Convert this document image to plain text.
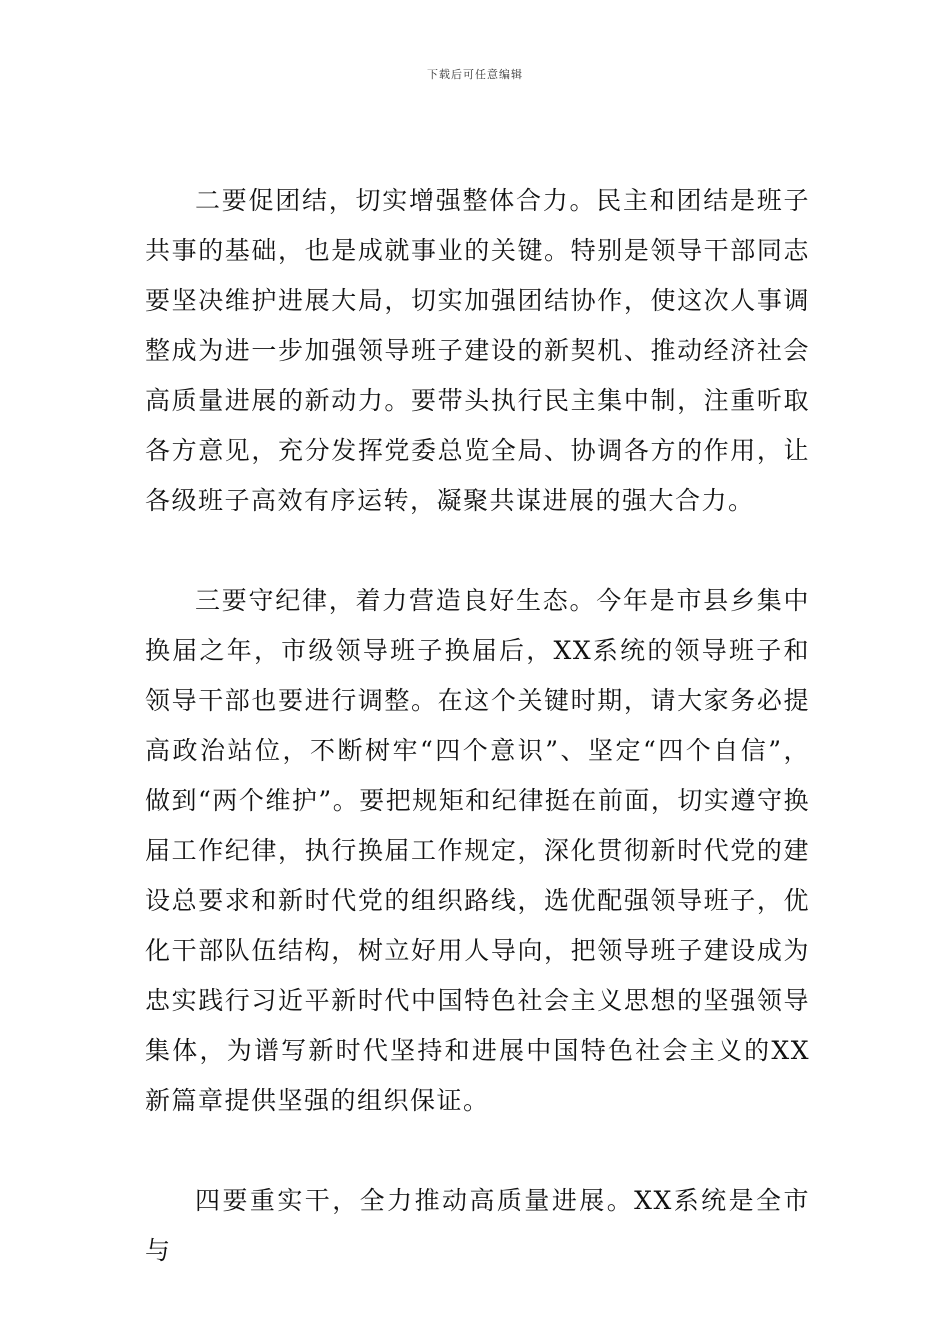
下载后可任意编辑

二要促团结，切实增强整体合力。民主和团结是班子共事的基础，也是成就事业的关键。特别是领导干部同志要坚决维护进展大局，切实加强团结协作，使这次人事调整成为进一步加强领导班子建设的新契机、推动经济社会高质量进展的新动力。要带头执行民主集中制，注重听取各方意见，充分发挥党委总览全局、协调各方的作用，让各级班子高效有序运转，凝聚共谋进展的强大合力。

三要守纪律，着力营造良好生态。今年是市县乡集中换届之年，市级领导班子换届后，XX系统的领导班子和领导干部也要进行调整。在这个关键时期，请大家务必提高政治站位，不断树牢“四个意识”、坚定“四个自信”，做到“两个维护”。要把规矩和纪律挺在前面，切实遵守换届工作纪律，执行换届工作规定，深化贯彻新时代党的建设总要求和新时代党的组织路线，选优配强领导班子，优化干部队伍结构，树立好用人导向，把领导班子建设成为忠实践行习近平新时代中国特色社会主义思想的坚强领导集体，为谱写新时代坚持和进展中国特色社会主义的XX新篇章提供坚强的组织保证。

四要重实干，全力推动高质量进展。XX系统是全市与
